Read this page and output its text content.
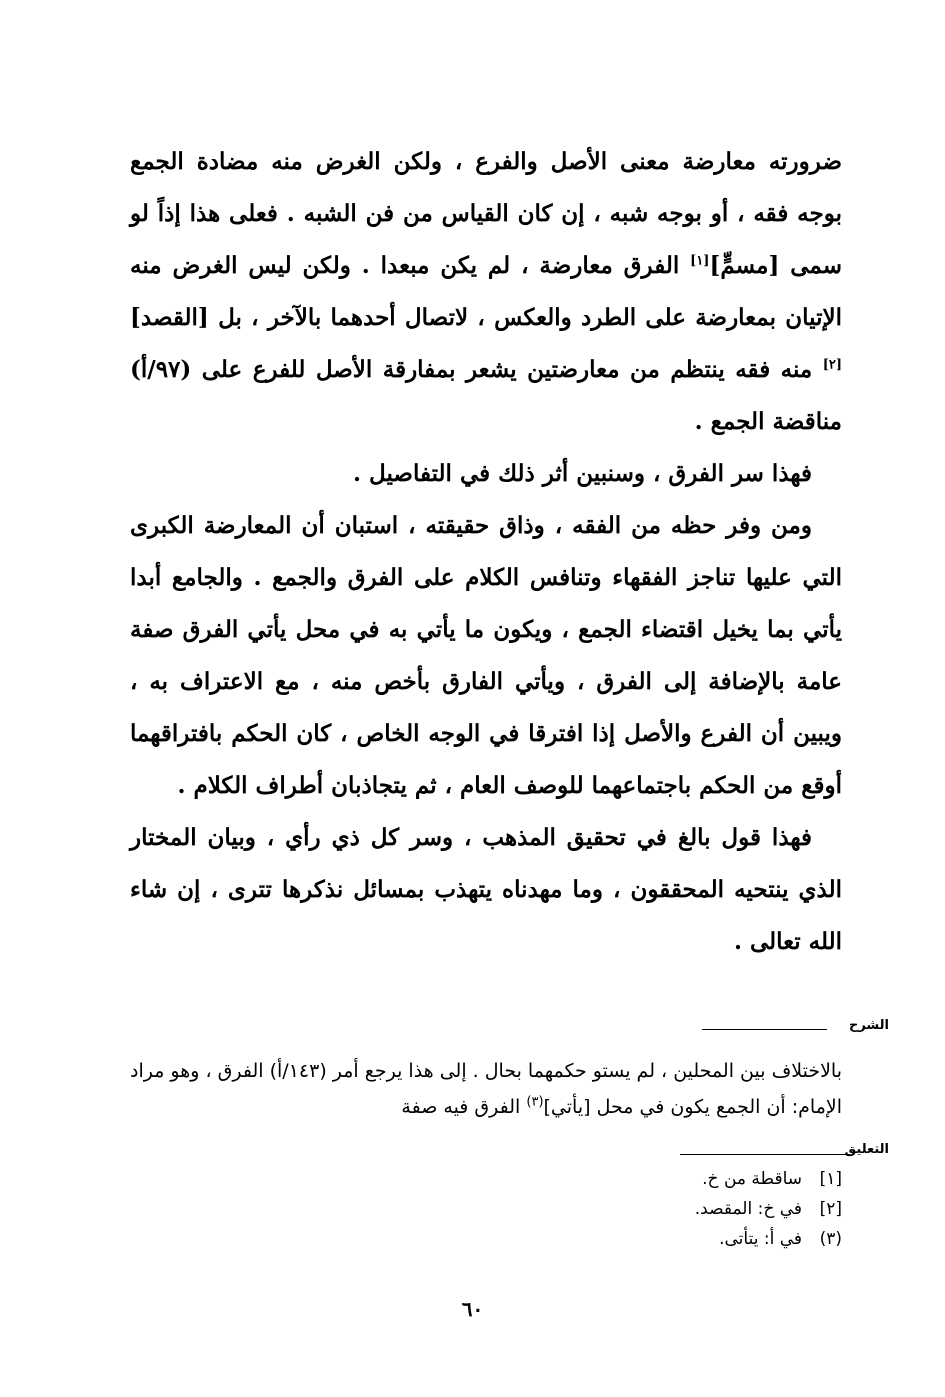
ضرورته معارضة معنى الأصل والفرع ، ولكن الغرض منه مضادة الجمع بوجه فقه ، أو بوجه شبه ، إن كان القياس من فن الشبه . فعلى هذا إذاً لو سمى [مسمٍّ][١] الفرق معارضة ، لم يكن مبعدا . ولكن ليس الغرض منه الإتيان بمعارضة على الطرد والعكس ، لاتصال أحدهما بالآخر ، بل [القصد][٢] منه فقه ينتظم من معارضتين يشعر بمفارقة الأصل للفرع على (٩٧/أ) مناقضة الجمع .

فهذا سر الفرق ، وسنبين أثر ذلك في التفاصيل .

ومن وفر حظه من الفقه ، وذاق حقيقته ، استبان أن المعارضة الكبرى التي عليها تناجز الفقهاء وتنافس الكلام على الفرق والجمع . والجامع أبدا يأتي بما يخيل اقتضاء الجمع ، ويكون ما يأتي به في محل يأتي الفرق صفة عامة بالإضافة إلى الفرق ، ويأتي الفارق بأخص منه ، مع الاعتراف به ، ويبين أن الفرع والأصل إذا افترقا في الوجه الخاص ، كان الحكم بافتراقهما أوقع من الحكم باجتماعهما للوصف العام ، ثم يتجاذبان أطراف الكلام .

فهذا قول بالغ في تحقيق المذهب ، وسر كل ذي رأي ، وبيان المختار الذي ينتحيه المحققون ، وما مهدناه يتهذب بمسائل نذكرها تترى ، إن شاء الله تعالى .

الشرح

بالاختلاف بين المحلين ، لم يستو حكمهما بحال . إلى هذا يرجع أمر (١٤٣/أ) الفرق ، وهو مراد الإمام: أن الجمع يكون في محل [يأتي]$^{(٣)}$ الفرق فيه صفة

التعليق
[١]
ساقطة من خ.
[٢]
في خ: المقصد.
(٣)
في أ: يتأتى.
٦٠
